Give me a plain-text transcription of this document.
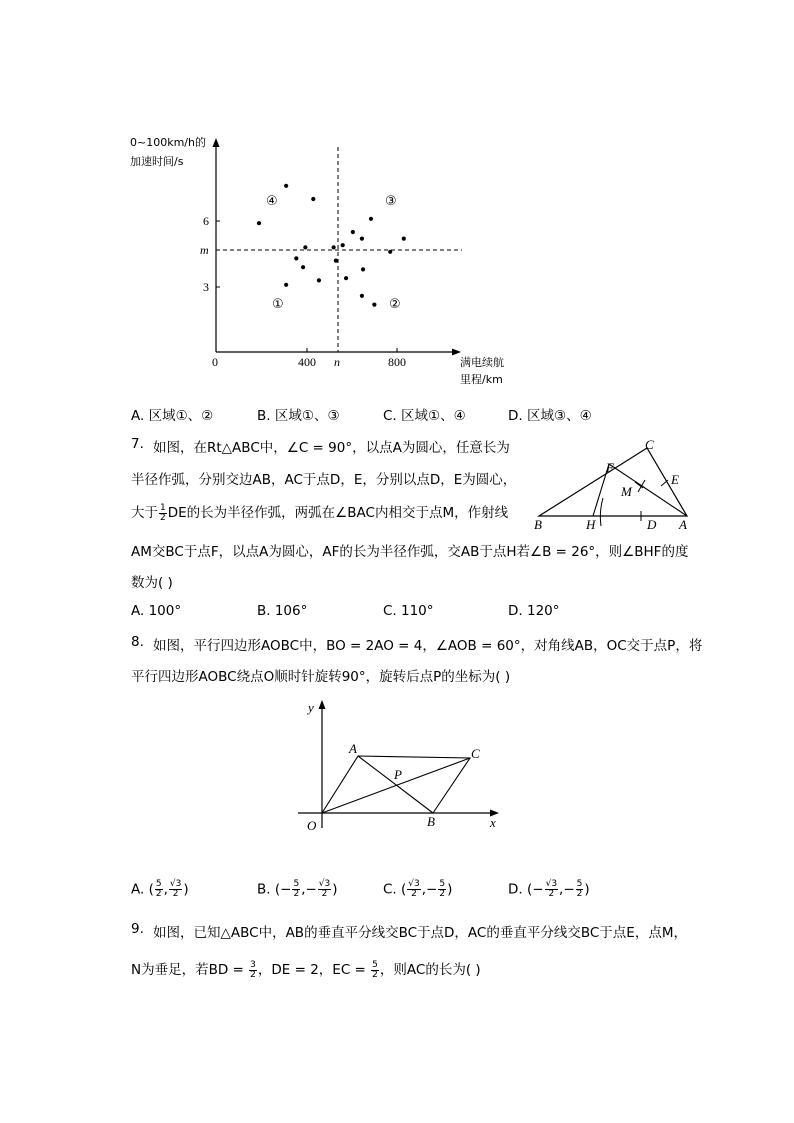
0~100km/h的
加速时间/s
6
m
3
0	400 n	800	满电续航
里程/km
④	③
①	②
A. 区域①、②	B. 区域①、③	C. 区域①、④	D. 区域③、④
7. 如图，在Rt△ABC中，∠C = 90°，以点A为圆心，任意长为
半径作弧，分别交边AB，AC于点D，E，分别以点D，E为圆心，
大于 $\frac{1}{2}$ DE的长为半径作弧，两弧在∠BAC内相交于点M，作射线
AM交BC于点F，以点A为圆心，AF的长为半径作弧，交AB于点H若∠B = 26°，则∠BHF的度
数为( )
C
F
E
M
B	H	D A
A. 100°	B. 106°	C. 110°	D. 120°
8. 如图，平行四边形AOBC中，BO = 2AO = 4，∠AOB = 60°，对角线AB，OC交于点P，将
平行四边形AOBC绕点O顺时针旋转90°，旋转后点P的坐标为( )
y
x
O
A	C
P
B
A. ( $\frac{5}{2}$ , $\frac{√3}{2}$ )	B. (− $\frac{5}{2}$ ,− $\frac{√3}{2}$ )	C. ( $\frac{√3}{2}$ ,− $\frac{5}{2}$ )	D. (− $\frac{√3}{2}$ ,− $\frac{5}{2}$ )
9. 如图，已知△ABC中，AB的垂直平分线交BC于点D，AC的垂直平分线交BC于点E，点M，
N为垂足，若BD = $\frac{3}{2}$ ，DE = 2，EC = $\frac{5}{2}$ ，则AC的长为( )
